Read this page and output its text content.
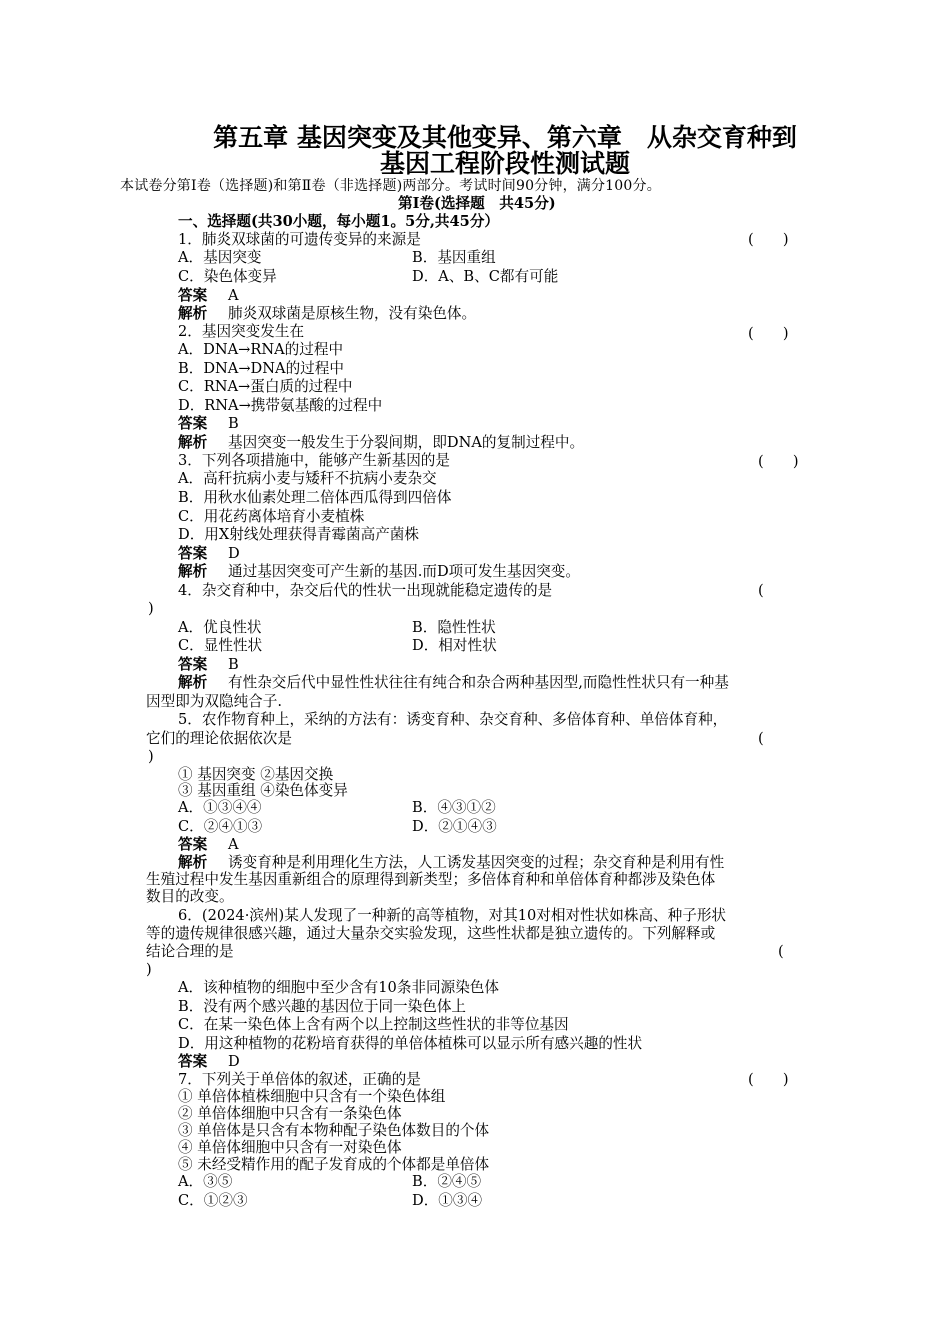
第五章 基因突变及其他变异、第六章　从杂交育种到
基因工程阶段性测试题
本试卷分第Ⅰ卷（选择题)和第Ⅱ卷（非选择题)两部分。考试时间90分钟，满分100分。
第Ⅰ卷(选择题　共45分)
一、选择题(共30小题，每小题1。5分,共45分）
1．肺炎双球菌的可遗传变异的来源是	(　　)
A．基因突变	B．基因重组
C．染色体变异	D．A、B、C都有可能
答案 A
解析 肺炎双球菌是原核生物，没有染色体。
2．基因突变发生在	(　　)
A．DNA→RNA的过程中
B．DNA→DNA的过程中
C．RNA→蛋白质的过程中
D．RNA→携带氨基酸的过程中
答案 B
解析 基因突变一般发生于分裂间期，即DNA的复制过程中。
3．下列各项措施中，能够产生新基因的是	(　　)
A．高秆抗病小麦与矮秆不抗病小麦杂交
B．用秋水仙素处理二倍体西瓜得到四倍体
C．用花药离体培育小麦植株
D．用X射线处理获得青霉菌高产菌株
答案 D
解析 通过基因突变可产生新的基因.而D项可发生基因突变。
4．杂交育种中，杂交后代的性状一出现就能稳定遗传的是	(
)
A．优良性状	B．隐性性状
C．显性性状	D．相对性状
答案 B
解析 有性杂交后代中显性性状往往有纯合和杂合两种基因型,而隐性性状只有一种基
因型即为双隐纯合子.
5．农作物育种上，采纳的方法有：诱变育种、杂交育种、多倍体育种、单倍体育种，
它们的理论依据依次是	(
)
① 基因突变 ②基因交换
③ 基因重组 ④染色体变异
A．①③④④	B．④③①②
C．②④①③	D．②①④③
答案 A
解析 诱变育种是利用理化生方法，人工诱发基因突变的过程；杂交育种是利用有性
生殖过程中发生基因重新组合的原理得到新类型；多倍体育种和单倍体育种都涉及染色体
数目的改变。
6．(2024·滨州)某人发现了一种新的高等植物，对其10对相对性状如株高、种子形状
等的遗传规律很感兴趣，通过大量杂交实验发现，这些性状都是独立遗传的。下列解释或
结论合理的是	(
)
A．该种植物的细胞中至少含有10条非同源染色体
B．没有两个感兴趣的基因位于同一染色体上
C．在某一染色体上含有两个以上控制这些性状的非等位基因
D．用这种植物的花粉培育获得的单倍体植株可以显示所有感兴趣的性状
答案 D
7．下列关于单倍体的叙述，正确的是	(　　)
① 单倍体植株细胞中只含有一个染色体组
② 单倍体细胞中只含有一条染色体
③ 单倍体是只含有本物种配子染色体数目的个体
④ 单倍体细胞中只含有一对染色体
⑤ 未经受精作用的配子发育成的个体都是单倍体
A．③⑤	B．②④⑤
C．①②③	D．①③④
